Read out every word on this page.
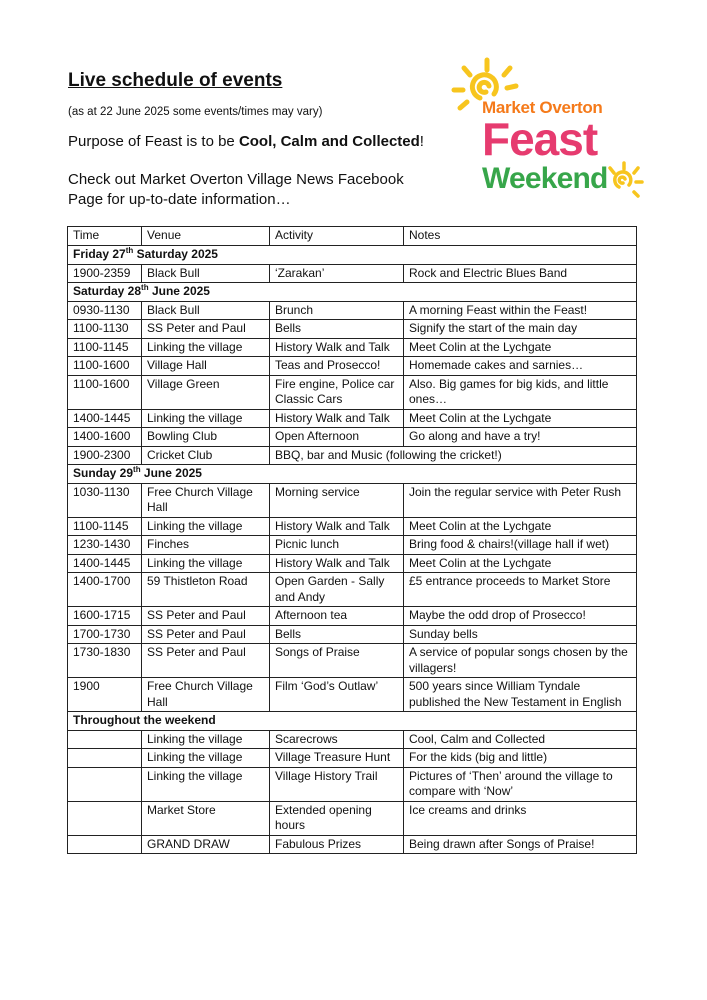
Live schedule of events
(as at 22 June 2025 some events/times may vary)
Purpose of Feast is to be Cool, Calm and Collected!
Check out Market Overton Village News Facebook Page for up-to-date information…
Market Overton
Feast
Weekend
Time	Venue	Activity	Notes
Friday 27th Saturday 2025			
1900-2359	Black Bull	‘Zarakan’	Rock and Electric Blues Band
Saturday 28th June 2025			
0930-1130	Black Bull	Brunch	A morning Feast within the Feast!
1100-1130	SS Peter and Paul	Bells	Signify the start of the main day
1100-1145	Linking the village	History Walk and Talk	Meet Colin at the Lychgate
1100-1600	Village Hall	Teas and Prosecco!	Homemade cakes and sarnies…
1100-1600	Village Green	Fire engine, Police car Classic Cars	Also. Big games for big kids, and little ones…
1400-1445	Linking the village	History Walk and Talk	Meet Colin at the Lychgate
1400-1600	Bowling Club	Open Afternoon	Go along and have a try!
1900-2300	Cricket Club	BBQ, bar and Music (following the cricket!)	
Sunday 29th June 2025			
1030-1130	Free Church Village Hall	Morning service	Join the regular service with Peter Rush
1100-1145	Linking the village	History Walk and Talk	Meet Colin at the Lychgate
1230-1430	Finches	Picnic lunch	Bring food & chairs!(village hall if wet)
1400-1445	Linking the village	History Walk and Talk	Meet Colin at the Lychgate
1400-1700	59 Thistleton Road	Open Garden - Sally and Andy	£5 entrance proceeds to Market Store
1600-1715	SS Peter and Paul	Afternoon tea	Maybe the odd drop of Prosecco!
1700-1730	SS Peter and Paul	Bells	Sunday bells
1730-1830	SS Peter and Paul	Songs of Praise	A service of popular songs chosen by the villagers!
1900	Free Church Village Hall	Film ‘God’s Outlaw’	500 years since William Tyndale published the New Testament in English
Throughout the weekend			
	Linking the village	Scarecrows	Cool, Calm and Collected
	Linking the village	Village Treasure Hunt	For the kids (big and little)
	Linking the village	Village History Trail	Pictures of ‘Then’ around the village to compare with ‘Now’
	Market Store	Extended opening hours	Ice creams and drinks
	GRAND DRAW	Fabulous Prizes	Being drawn after Songs of Praise!
